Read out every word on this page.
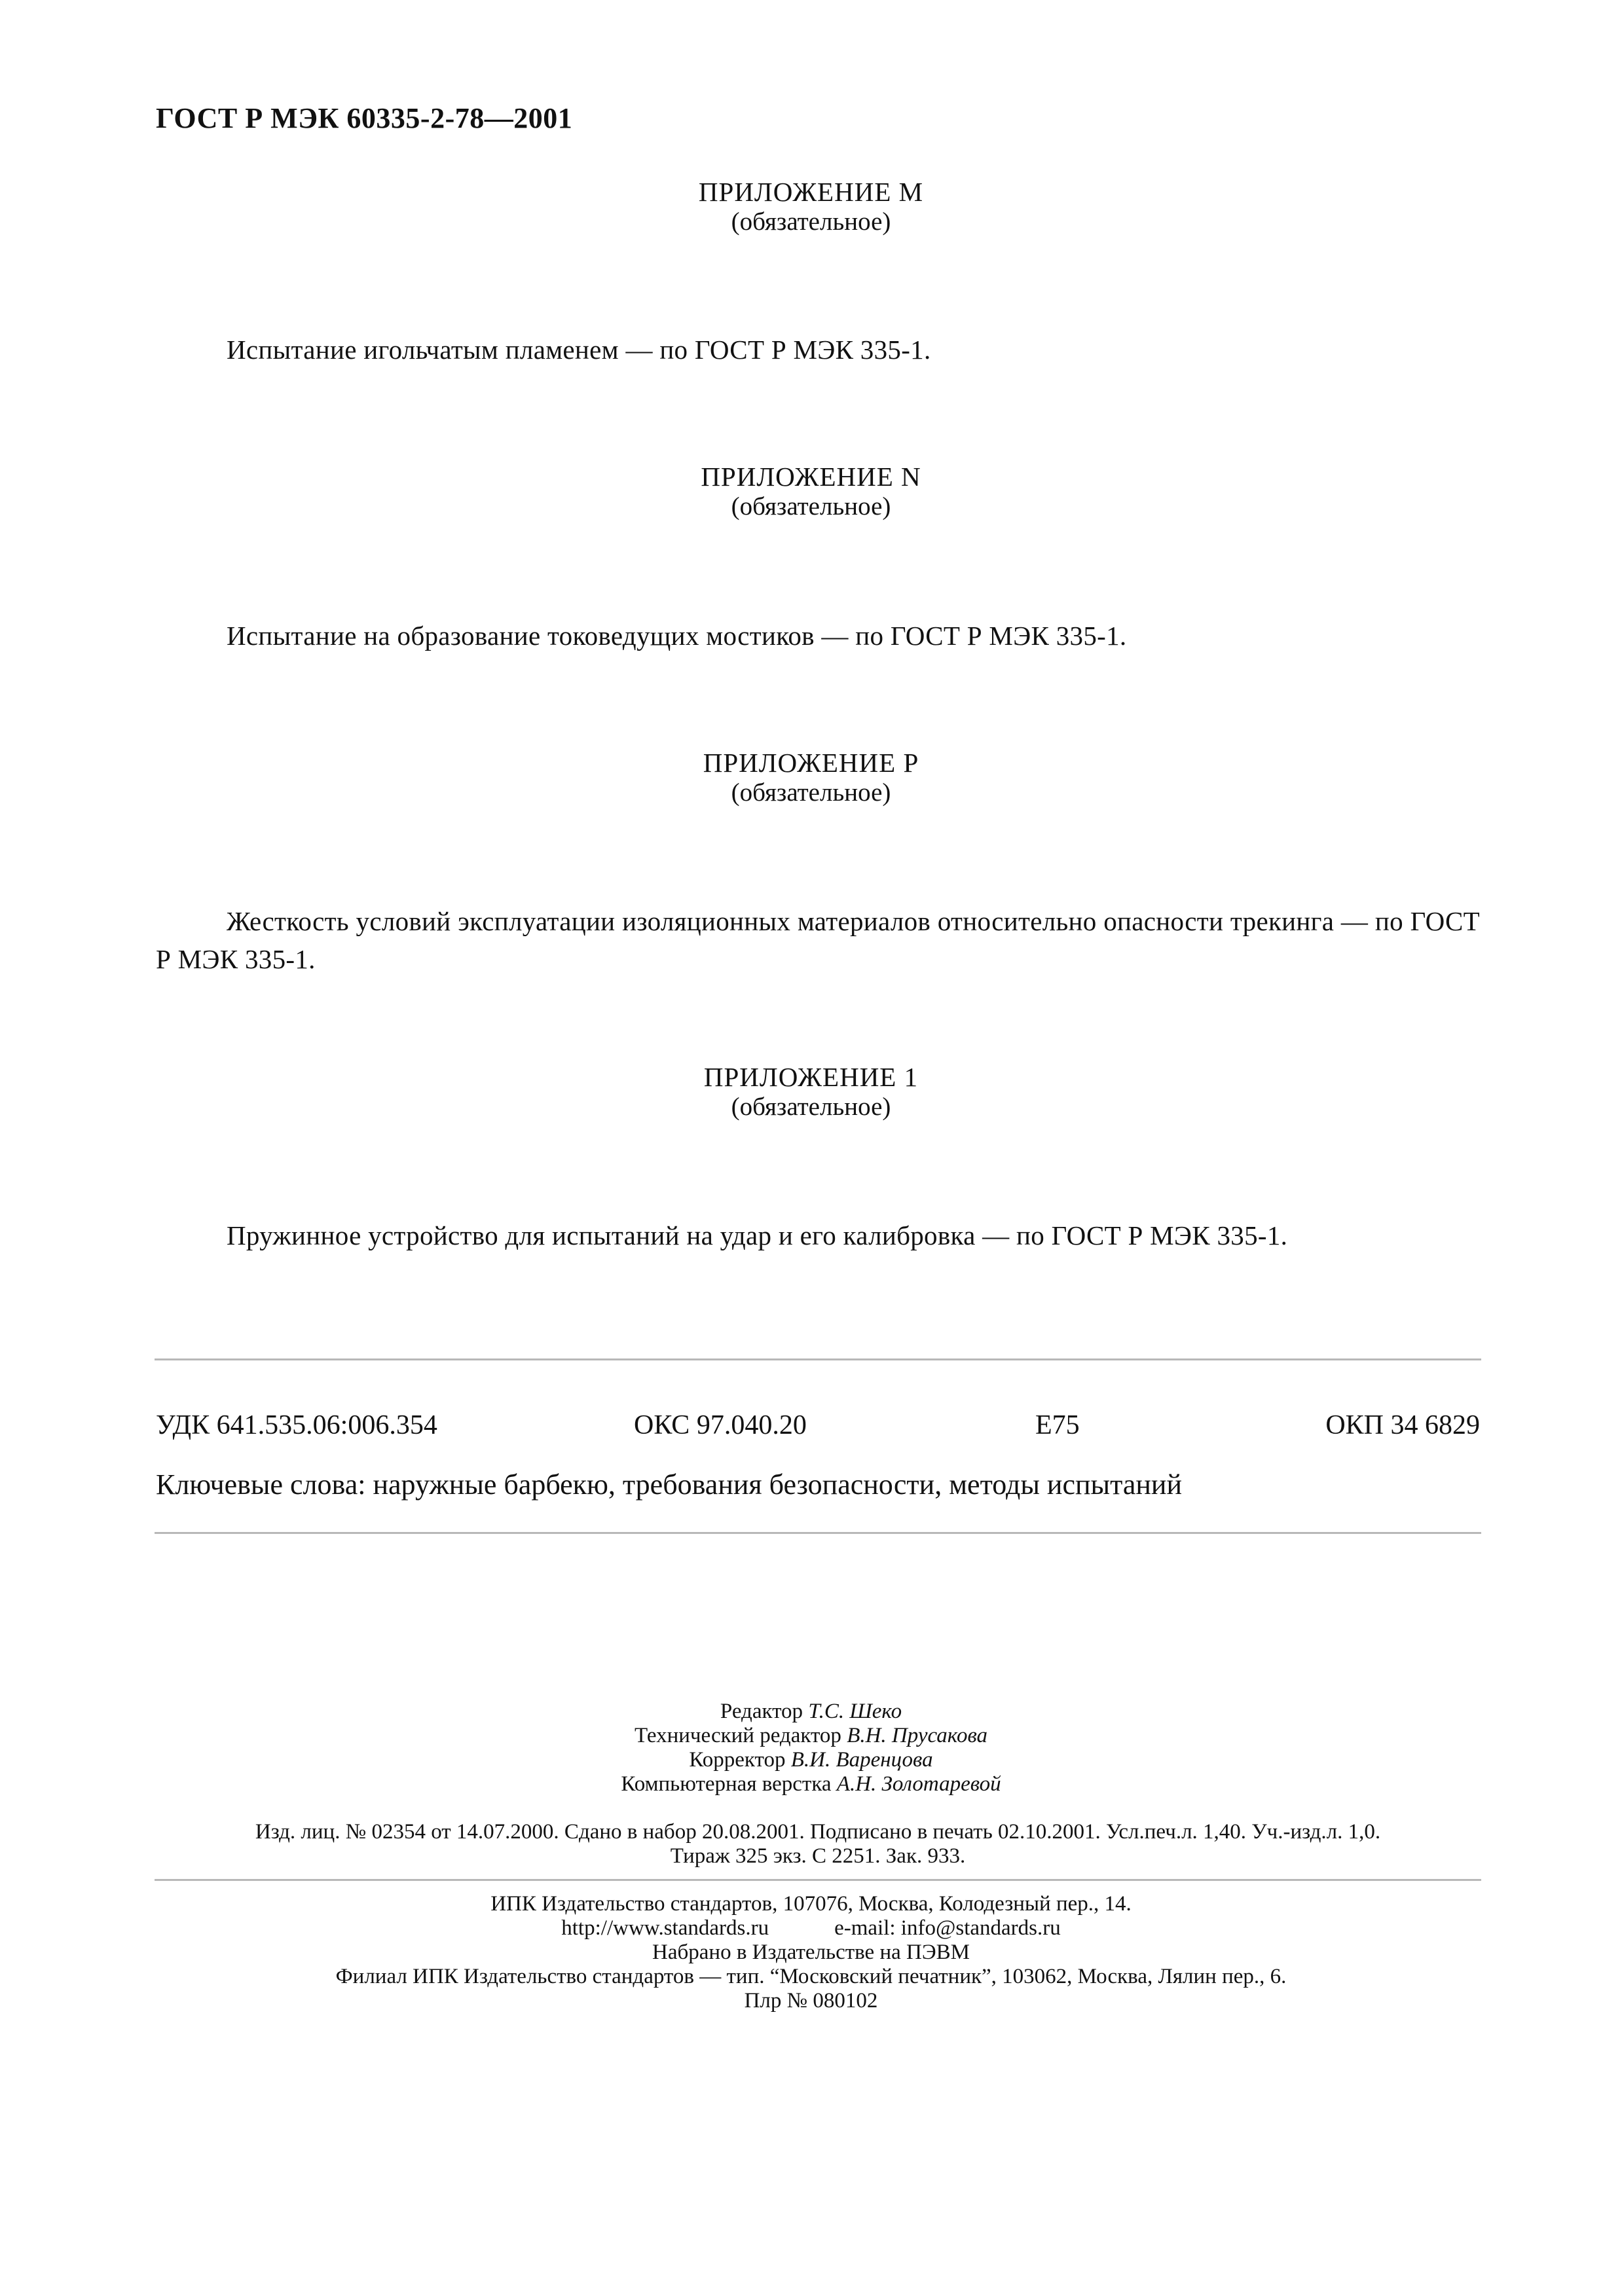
ГОСТ Р МЭК 60335-2-78—2001
ПРИЛОЖЕНИЕ M
(обязательное)
Испытание игольчатым пламенем — по ГОСТ Р МЭК 335-1.
ПРИЛОЖЕНИЕ N
(обязательное)
Испытание на образование токоведущих мостиков — по ГОСТ Р МЭК 335-1.
ПРИЛОЖЕНИЕ P
(обязательное)
Жесткость условий эксплуатации изоляционных материалов относительно опасности трекинга — по ГОСТ Р МЭК 335-1.
ПРИЛОЖЕНИЕ 1
(обязательное)
Пружинное устройство для испытаний на удар и его калибровка — по ГОСТ Р МЭК 335-1.
УДК 641.535.06:006.354	ОКС 97.040.20	E75	ОКП 34 6829
Ключевые слова: наружные барбекю, требования безопасности, методы испытаний
Редактор Т.С. Шеко
Технический редактор В.Н. Прусакова
Корректор В.И. Варенцова
Компьютерная верстка А.Н. Золотаревой
Изд. лиц. № 02354 от 14.07.2000. Сдано в набор 20.08.2001. Подписано в печать 02.10.2001. Усл.печ.л. 1,40. Уч.-изд.л. 1,0.
Тираж 325 экз. С 2251. Зак. 933.
ИПК Издательство стандартов, 107076, Москва, Колодезный пер., 14.
http://www.standards.ru	e-mail: info@standards.ru
Набрано в Издательстве на ПЭВМ
Филиал ИПК Издательство стандартов — тип. “Московский печатник”, 103062, Москва, Лялин пер., 6.
Плр № 080102
